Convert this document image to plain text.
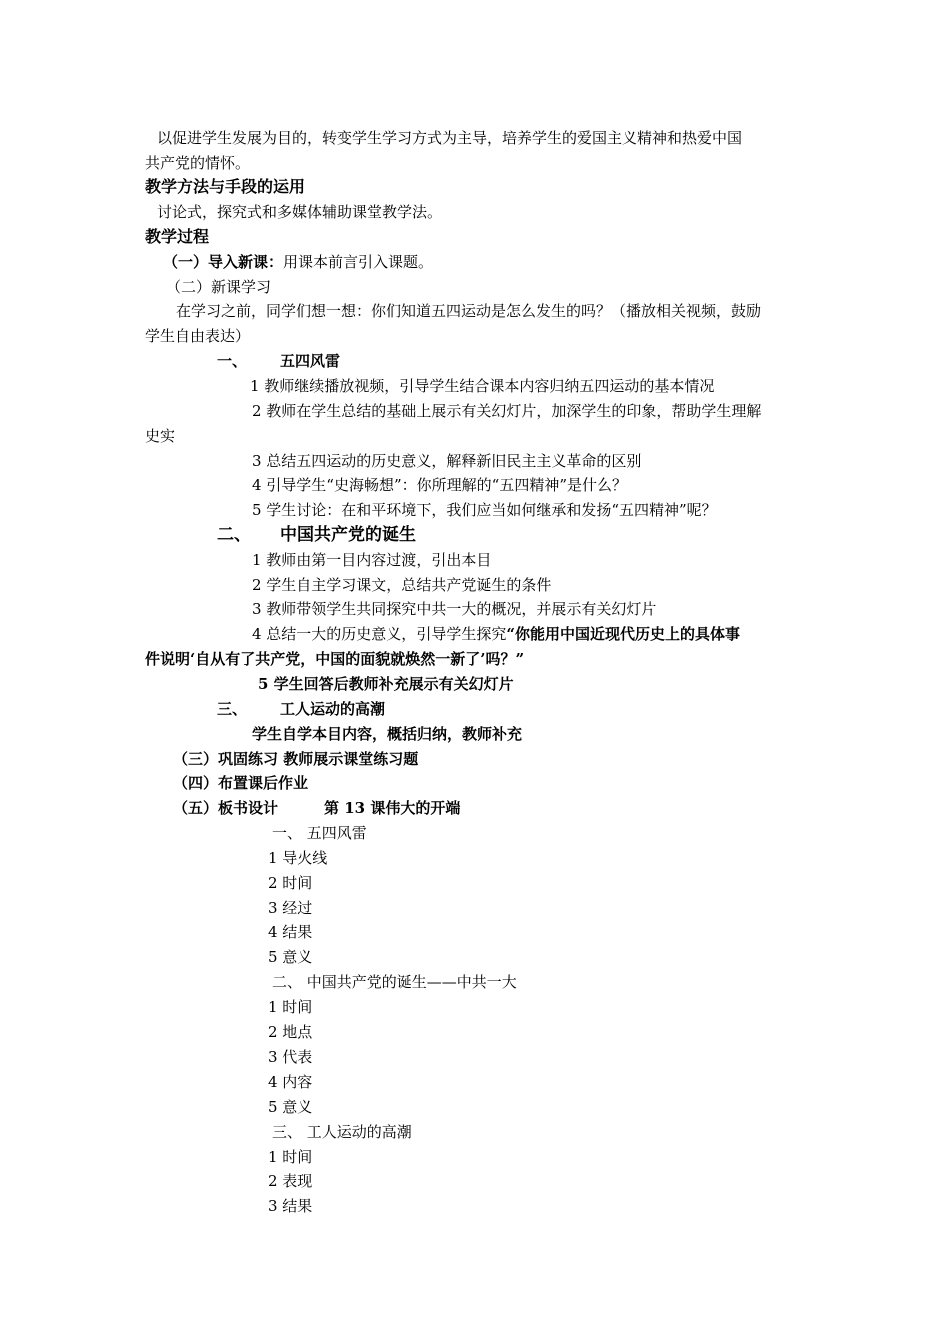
以促进学生发展为目的，转变学生学习方式为主导，培养学生的爱国主义精神和热爱中国
共产党的情怀。
教学方法与手段的运用
讨论式，探究式和多媒体辅助课堂教学法。
教学过程
（一）导入新课：用课本前言引入课题。
（二）新课学习
在学习之前，同学们想一想：你们知道五四运动是怎么发生的吗？（播放相关视频，鼓励
学生自由表达）
一、 五四风雷
1 教师继续播放视频，引导学生结合课本内容归纳五四运动的基本情况
2 教师在学生总结的基础上展示有关幻灯片，加深学生的印象，帮助学生理解
史实
3 总结五四运动的历史意义，解释新旧民主主义革命的区别
4 引导学生“史海畅想”：你所理解的“五四精神”是什么？
5 学生讨论：在和平环境下，我们应当如何继承和发扬“五四精神”呢？
二、 中国共产党的诞生
1 教师由第一目内容过渡，引出本目
2 学生自主学习课文，总结共产党诞生的条件
3 教师带领学生共同探究中共一大的概况，并展示有关幻灯片
4 总结一大的历史意义，引导学生探究“你能用中国近现代历史上的具体事
件说明‘自从有了共产党，中国的面貌就焕然一新了’吗？”
5 学生回答后教师补充展示有关幻灯片
三、 工人运动的高潮
学生自学本目内容，概括归纳，教师补充
（三）巩固练习 教师展示课堂练习题
（四）布置课后作业
（五）板书设计	第 13 课伟大的开端
一、 五四风雷
1 导火线
2 时间
3 经过
4 结果
5 意义
二、 中国共产党的诞生——中共一大
1 时间
2 地点
3 代表
4 内容
5 意义
三、 工人运动的高潮
1 时间
2 表现
3 结果
